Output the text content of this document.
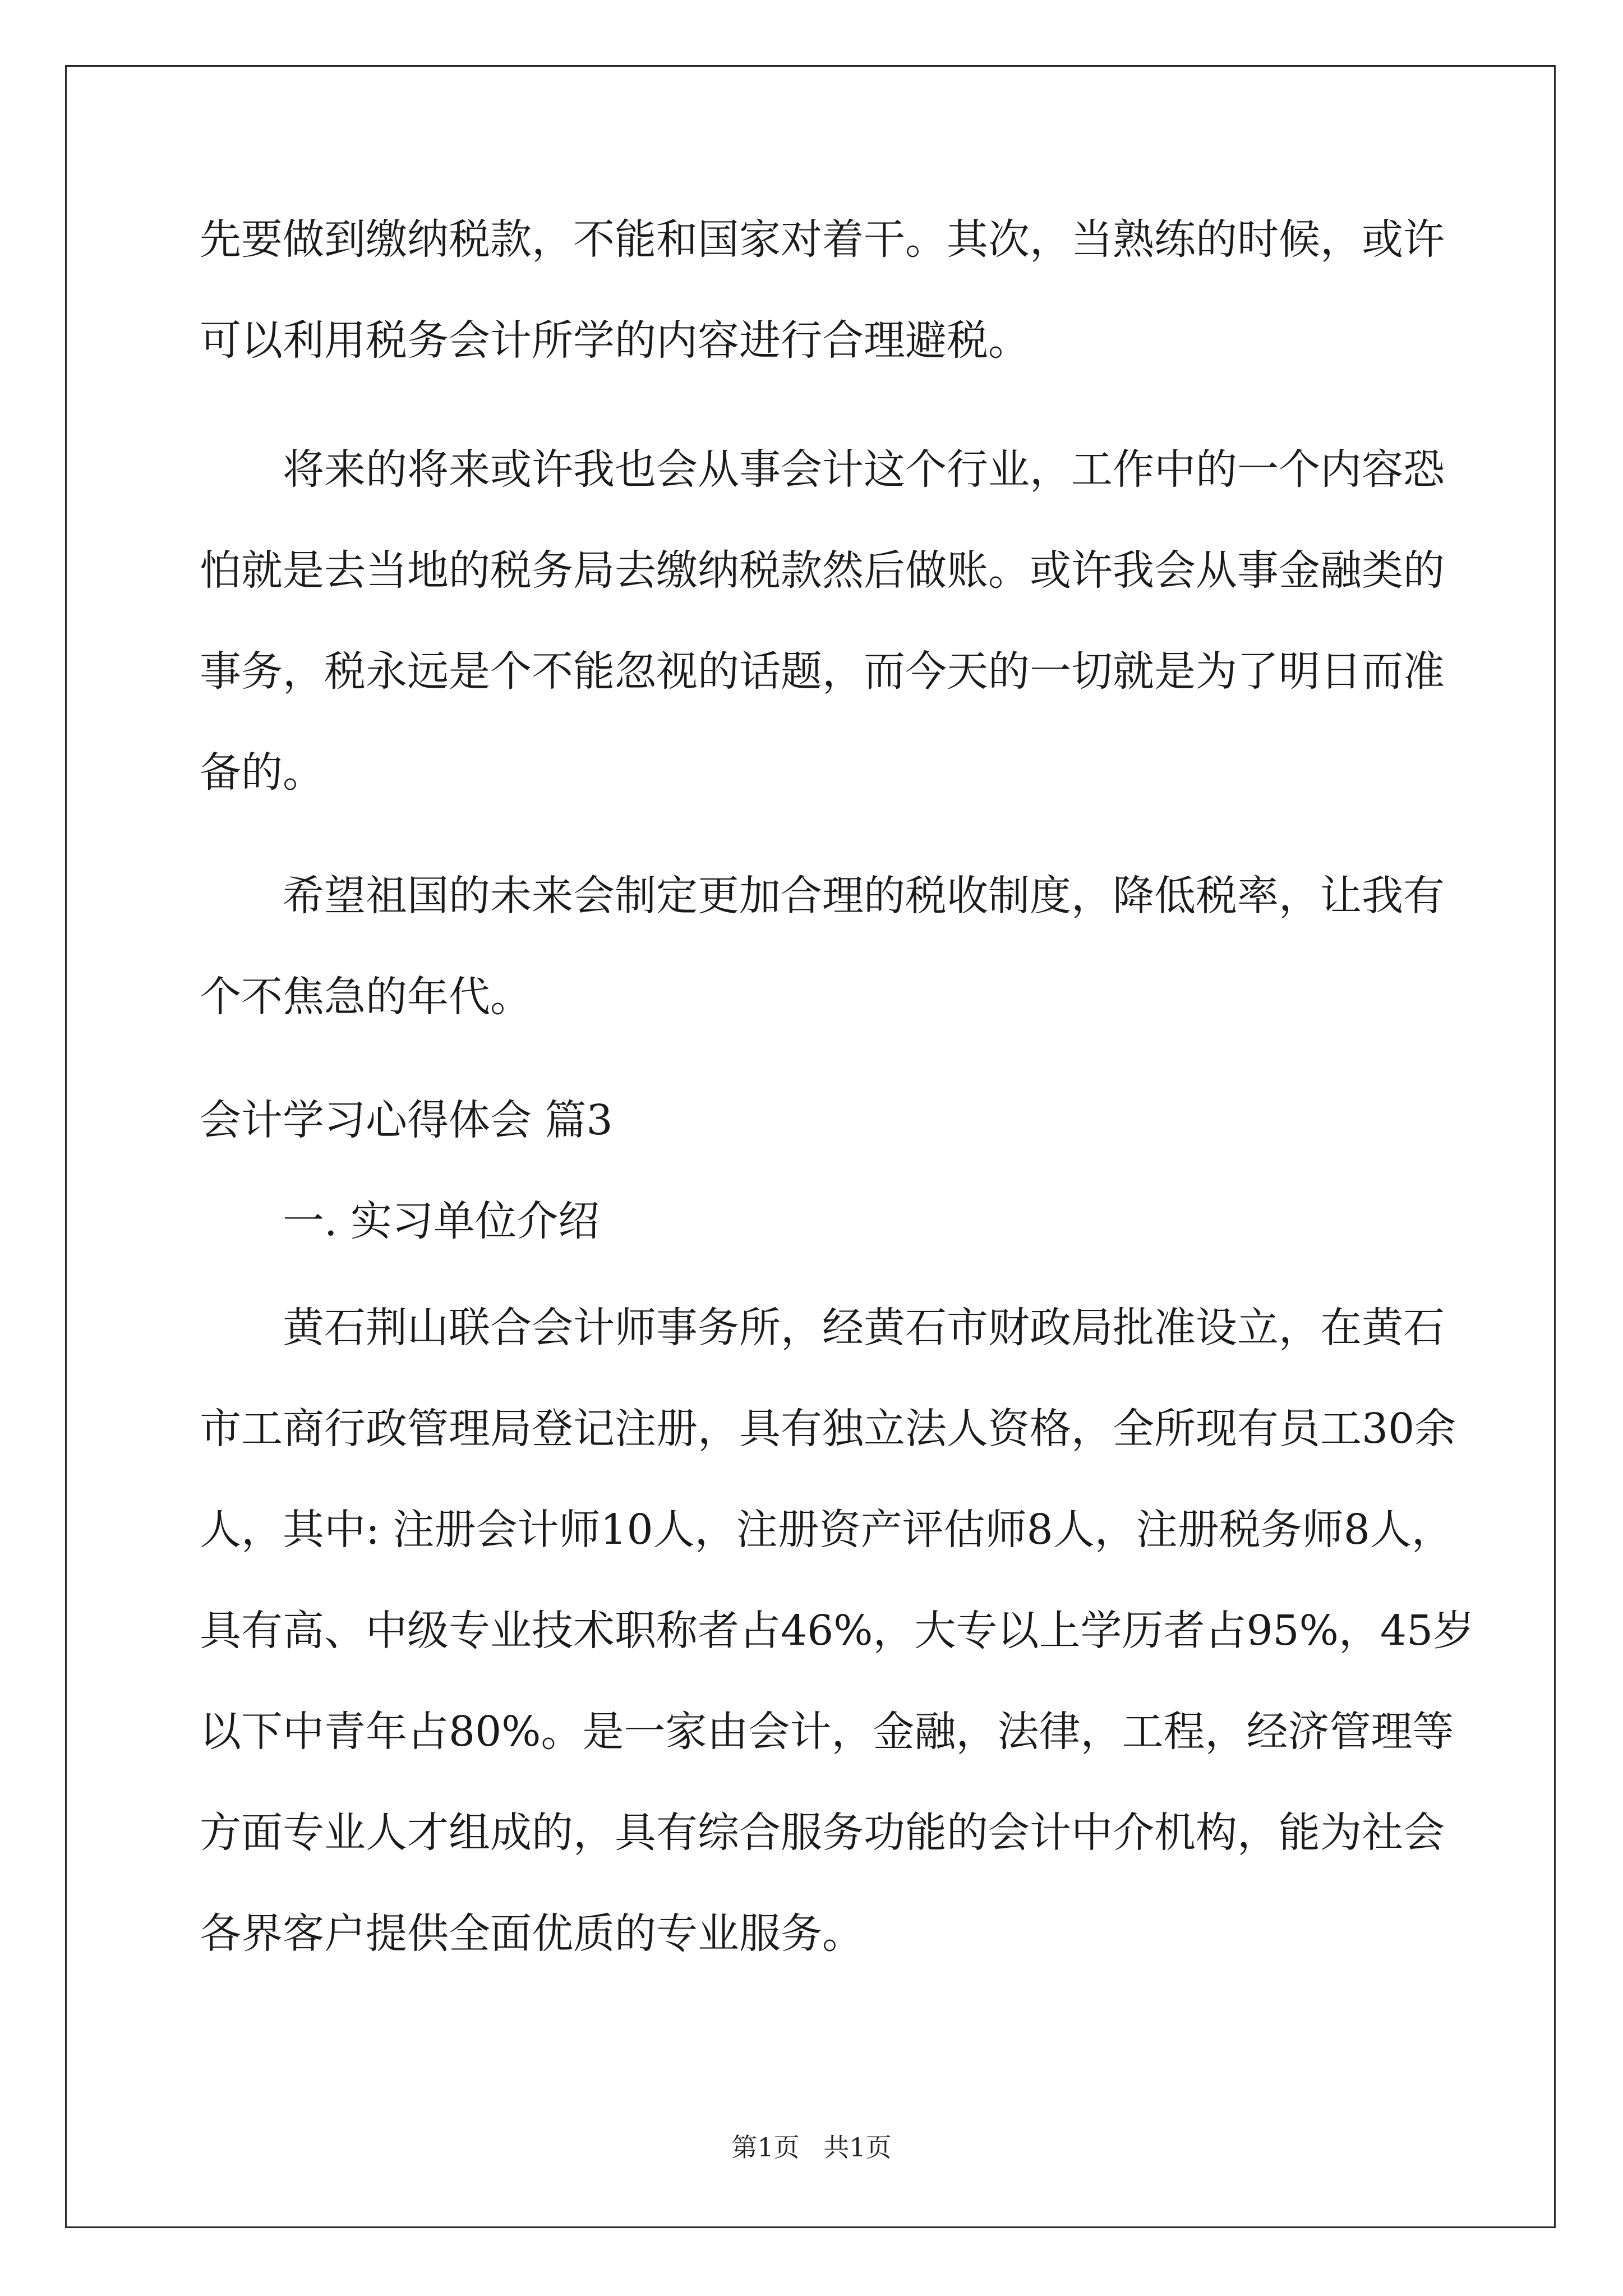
先要做到缴纳税款，不能和国家对着干。其次，当熟练的时候，或许
可以利用税务会计所学的内容进行合理避税。
将来的将来或许我也会从事会计这个行业，工作中的一个内容恐
怕就是去当地的税务局去缴纳税款然后做账。或许我会从事金融类的
事务，税永远是个不能忽视的话题，而今天的一切就是为了明日而准
备的。
希望祖国的未来会制定更加合理的税收制度，降低税率，让我有
个不焦急的年代。
会计学习心得体会 篇3
一. 实习单位介绍
黄石荆山联合会计师事务所，经黄石市财政局批准设立，在黄石
市工商行政管理局登记注册，具有独立法人资格，全所现有员工30余
人，其中: 注册会计师10人，注册资产评估师8人，注册税务师8人，
具有高、中级专业技术职称者占46%，大专以上学历者占95%，45岁
以下中青年占80%。是一家由会计，金融，法律，工程，经济管理等
方面专业人才组成的，具有综合服务功能的会计中介机构，能为社会
各界客户提供全面优质的专业服务。
第1页 共1页
